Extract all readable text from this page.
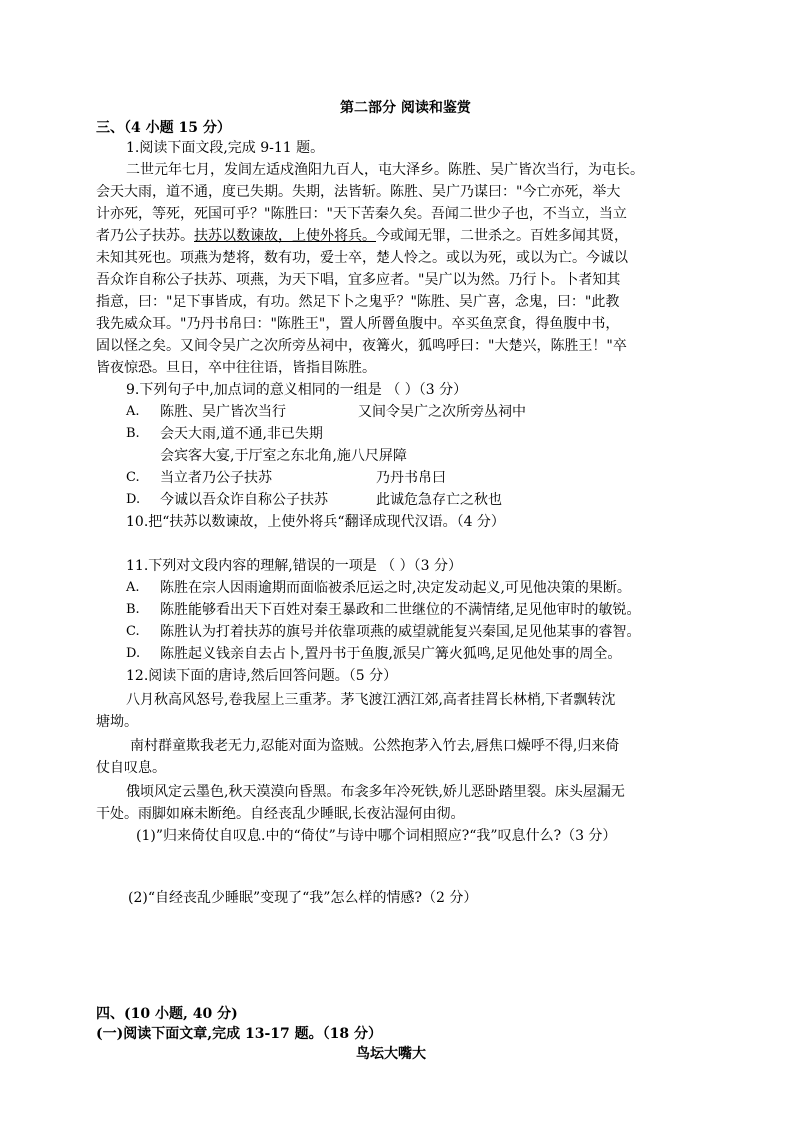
第二部分 阅读和鉴赏
三、（4 小题 15 分）
1.阅读下面文段,完成 9-11 题。
二世元年七月，发闾左适戍渔阳九百人，屯大泽乡。陈胜、吴广皆次当行，为屯长。
会天大雨，道不通，度已失期。失期，法皆斩。陈胜、吴广乃谋曰："今亡亦死，举大
计亦死，等死，死国可乎？"陈胜曰："天下苦秦久矣。吾闻二世少子也，不当立，当立
者乃公子扶苏。扶苏以数谏故，上使外将兵。今或闻无罪，二世杀之。百姓多闻其贤，
未知其死也。项燕为楚将，数有功，爱士卒，楚人怜之。或以为死，或以为亡。今诚以
吾众诈自称公子扶苏、项燕，为天下唱，宜多应者。"吴广以为然。乃行卜。卜者知其
指意，曰："足下事皆成，有功。然足下卜之鬼乎？"陈胜、吴广喜，念鬼，曰："此教
我先威众耳。"乃丹书帛曰："陈胜王"，置人所罾鱼腹中。卒买鱼烹食，得鱼腹中书，
固以怪之矣。又间令吴广之次所旁丛祠中，夜篝火，狐鸣呼曰："大楚兴，陈胜王！"卒
皆夜惊恐。旦日，卒中往往语，皆指目陈胜。
9.下列句子中,加点词的意义相同的一组是 （ ）（3 分）
A. 陈胜、吴广皆次当行	又间令吴广之次所旁丛祠中
B. 会天大雨,道不通,非已失期
会宾客大宴,于厅室之东北角,施八尺屏障
C. 当立者乃公子扶苏	乃丹书帛曰
D. 今诚以吾众诈自称公子扶苏	此诚危急存亡之秋也
10.把“扶苏以数谏故，上使外将兵“翻译成现代汉语。（4 分）
11.下列对文段内容的理解,错误的一项是 （ ）（3 分）
A. 陈胜在宗人因雨逾期而面临被杀厄运之时,决定发动起义,可见他决策的果断。
B. 陈胜能够看出天下百姓对秦王暴政和二世继位的不满情绪,足见他审时的敏锐。
C. 陈胜认为打着扶苏的旗号并依靠项燕的威望就能复兴秦国,足见他某事的睿智。
D. 陈胜起义钱亲自去占卜,置丹书于鱼腹,派吴广篝火狐鸣,足见他处事的周全。
12.阅读下面的唐诗,然后回答问题。（5 分）
八月秋高风怒号,卷我屋上三重茅。茅飞渡江洒江郊,高者挂罥长林梢,下者飘转沈
塘坳。
南村群童欺我老无力,忍能对面为盗贼。公然抱茅入竹去,唇焦口燥呼不得,归来倚
仗自叹息。
俄顷风定云墨色,秋天漠漠向昏黑。布衾多年冷死铁,娇儿恶卧踏里裂。床头屋漏无
干处。雨脚如麻未断绝。自经丧乱少睡眠,长夜沾湿何由彻。
(1)”归来倚仗自叹息.中的“倚仗”与诗中哪个词相照应?“我”叹息什么?（3 分）
(2)“自经丧乱少睡眠”变现了“我”怎么样的情感?（2 分）
四、(10 小题, 40 分)
(一)阅读下面文章,完成 13-17 题。（18 分）
鸟坛大嘴大
